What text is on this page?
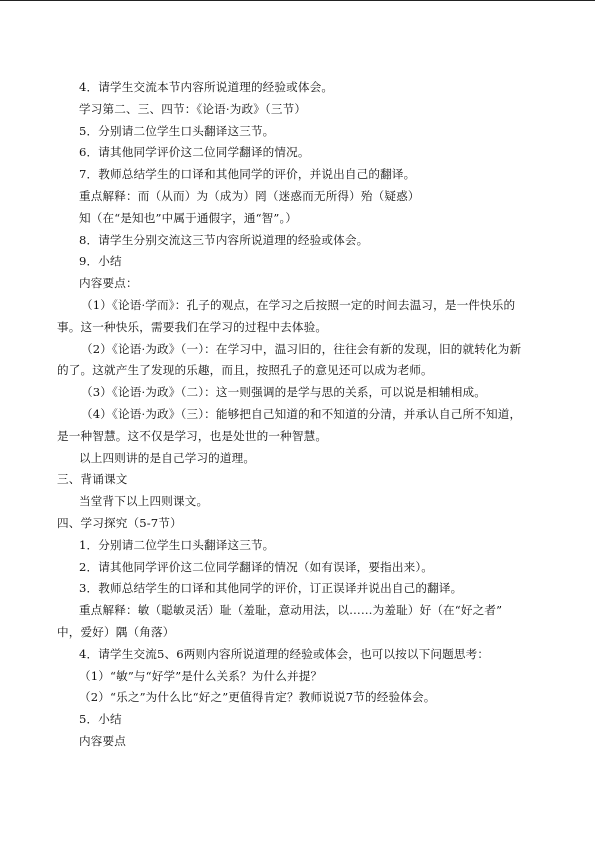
4．请学生交流本节内容所说道理的经验或体会。
学习第二、三、四节：《论语·为政》（三节）
5．分别请二位学生口头翻译这三节。
6．请其他同学评价这二位同学翻译的情况。
7．教师总结学生的口译和其他同学的评价，并说出自己的翻译。
重点解释：而（从而）为（成为）罔（迷惑而无所得）殆（疑惑）
知（在“是知也”中属于通假字，通“智”。）
8．请学生分别交流这三节内容所说道理的经验或体会。
9．小结
内容要点：
（1）《论语·学而》：孔子的观点，在学习之后按照一定的时间去温习，是一件快乐的
事。这一种快乐，需要我们在学习的过程中去体验。
（2）《论语·为政》（一）：在学习中，温习旧的，往往会有新的发现，旧的就转化为新
的了。这就产生了发现的乐趣，而且，按照孔子的意见还可以成为老师。
（3）《论语·为政》（二）：这一则强调的是学与思的关系，可以说是相辅相成。
（4）《论语·为政》（三）：能够把自己知道的和不知道的分清，并承认自己所不知道，
是一种智慧。这不仅是学习，也是处世的一种智慧。
以上四则讲的是自己学习的道理。
三、背诵课文
当堂背下以上四则课文。
四、学习探究（5-7节）
1．分别请二位学生口头翻译这三节。
2．请其他同学评价这二位同学翻译的情况（如有误译，要指出来）。
3．教师总结学生的口译和其他同学的评价，订正误译并说出自己的翻译。
重点解释：敏（聪敏灵活）耻（羞耻，意动用法，以……为羞耻）好（在“好之者”
中，爱好）隅（角落）
4．请学生交流5、6两则内容所说道理的经验或体会，也可以按以下问题思考：
（1）“敏”与“好学”是什么关系？为什么并提？
（2）“乐之”为什么比“好之”更值得肯定？教师说说7节的经验体会。
5．小结
内容要点
